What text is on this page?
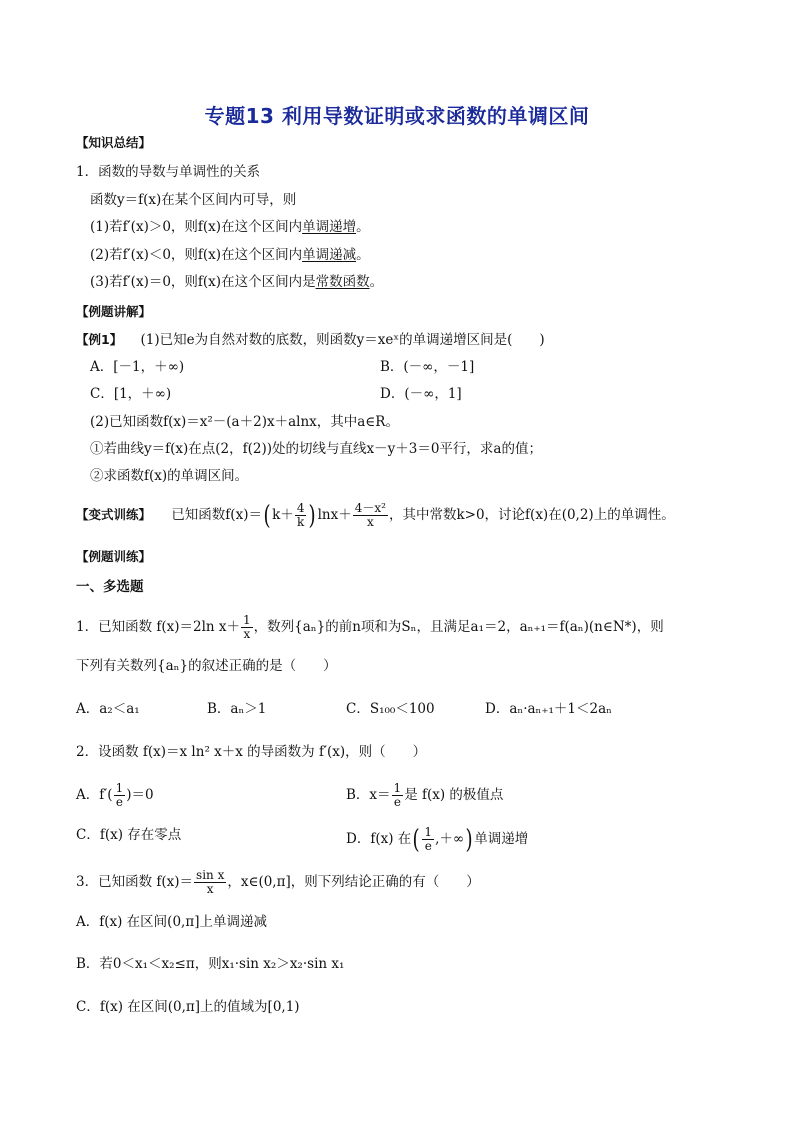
专题13 利用导数证明或求函数的单调区间
【知识总结】
1．函数的导数与单调性的关系
函数y＝f(x)在某个区间内可导，则
(1)若f′(x)＞0，则f(x)在这个区间内单调递增。
(2)若f′(x)＜0，则f(x)在这个区间内单调递减。
(3)若f′(x)＝0，则f(x)在这个区间内是常数函数。
【例题讲解】
【例1】 (1)已知e为自然对数的底数，则函数y＝xeˣ的单调递增区间是(　　)
A．[－1，＋∞)	B．(－∞，－1]
C．[1，＋∞)	D．(－∞，1]
(2)已知函数f(x)＝x²－(a＋2)x＋alnx，其中a∈R。
①若曲线y＝f(x)在点(2，f(2))处的切线与直线x－y＋3＝0平行，求a的值；
②求函数f(x)的单调区间。
【变式训练】 已知函数f(x)＝( $k+ \frac{4}{k}$ ) $\ln x+ \frac{\text{4－x²}}{x}$ ，其中常数k>0，讨论f(x)在(0,2)上的单调性。
【例题训练】
一、多选题
1．已知函数 f(x)＝2ln $x+ \frac{1}{x}$ ，数列{aₙ}的前n项和为Sₙ，且满足a₁＝2，aₙ₊₁＝f(aₙ)(n∈N*)，则
下列有关数列{aₙ}的叙述正确的是（　　）
A．a₂＜a₁	B．aₙ＞1	C．S₁₀₀＜100	D．aₙ·aₙ₊₁＋1＜2aₙ
2．设函数 f(x)＝x ln² x＋x 的导函数为 f′(x)，则（　　）
A．$f'( \frac{1}{e} )=0$	B．$x= \frac{1}{e}$ 是 f(x) 的极值点
C．f(x) 存在零点	D．f(x) 在( $\frac{1}{e}$ ,＋∞) 单调递增
3．已知函数 $f(x)= \frac{\text{sin x}}{x}$ ，x∈(0,π]，则下列结论正确的有（　　）
A．f(x) 在区间(0,π]上单调递减
B．若0＜x₁＜x₂≤π，则x₁·sin x₂＞x₂·sin x₁
C．f(x) 在区间(0,π]上的值域为[0,1)
